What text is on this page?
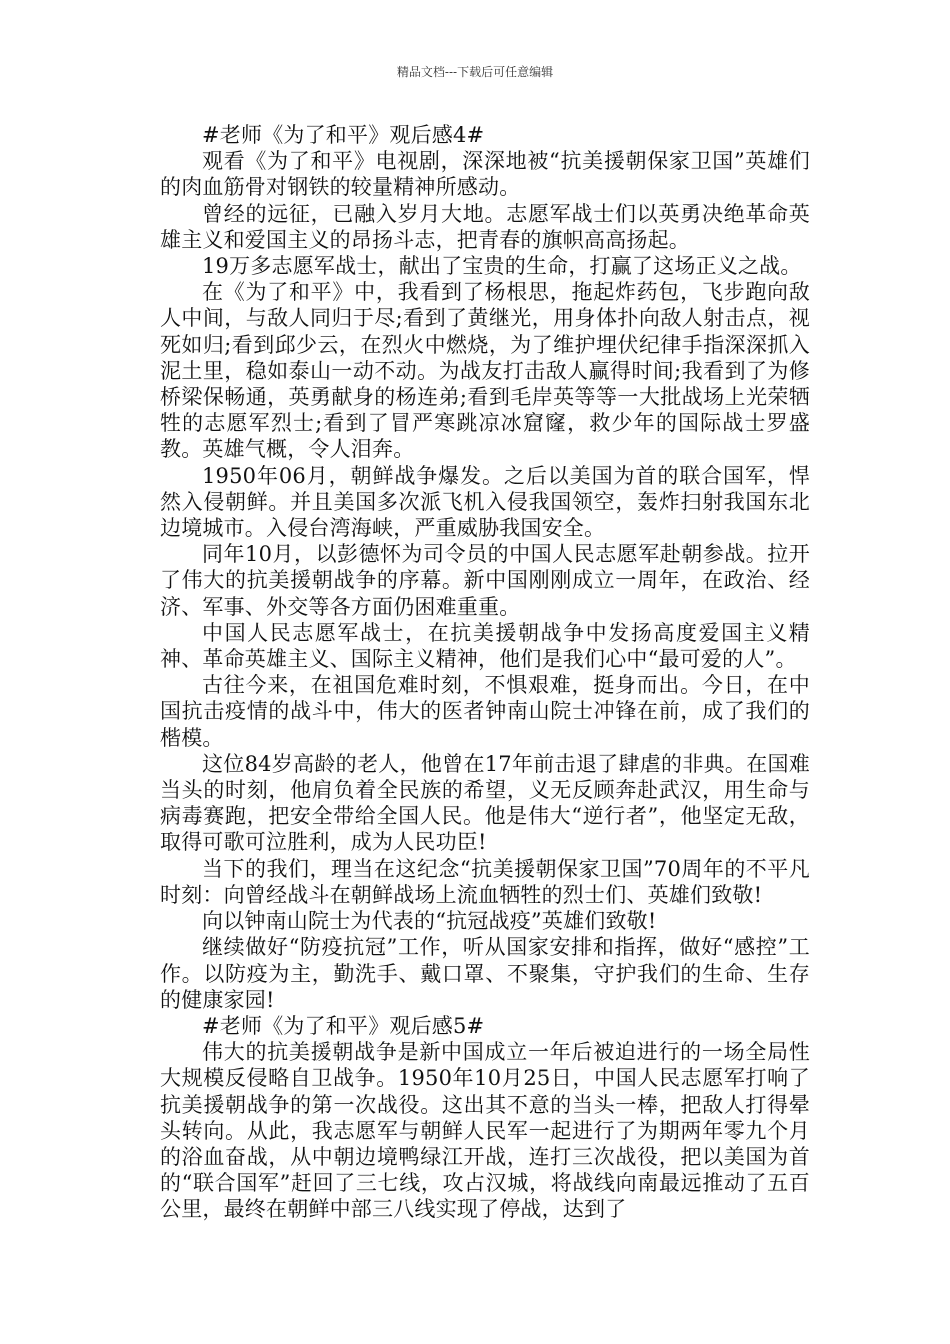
精品文档---下载后可任意编辑

#老师《为了和平》观后感4#

观看《为了和平》电视剧，深深地被“抗美援朝保家卫国”英雄们的肉血筋骨对钢铁的较量精神所感动。

曾经的远征，已融入岁月大地。志愿军战士们以英勇决绝革命英雄主义和爱国主义的昂扬斗志，把青春的旗帜高高扬起。

19万多志愿军战士，献出了宝贵的生命，打赢了这场正义之战。

在《为了和平》中，我看到了杨根思，拖起炸药包，飞步跑向敌人中间，与敌人同归于尽;看到了黄继光，用身体扑向敌人射击点，视死如归;看到邱少云，在烈火中燃烧，为了维护埋伏纪律手指深深抓入泥土里，稳如泰山一动不动。为战友打击敌人赢得时间;我看到了为修桥梁保畅通，英勇献身的杨连弟;看到毛岸英等等一大批战场上光荣牺牲的志愿军烈士;看到了冒严寒跳凉冰窟窿，救少年的国际战士罗盛教。英雄气概，令人泪奔。

1950年06月，朝鲜战争爆发。之后以美国为首的联合国军，悍然入侵朝鲜。并且美国多次派飞机入侵我国领空，轰炸扫射我国东北边境城市。入侵台湾海峡，严重威胁我国安全。

同年10月，以彭德怀为司令员的中国人民志愿军赴朝参战。拉开了伟大的抗美援朝战争的序幕。新中国刚刚成立一周年，在政治、经济、军事、外交等各方面仍困难重重。

中国人民志愿军战士，在抗美援朝战争中发扬高度爱国主义精神、革命英雄主义、国际主义精神，他们是我们心中“最可爱的人”。

古往今来，在祖国危难时刻，不惧艰难，挺身而出。今日，在中国抗击疫情的战斗中，伟大的医者钟南山院士冲锋在前，成了我们的楷模。

这位84岁高龄的老人，他曾在17年前击退了肆虐的非典。在国难当头的时刻，他肩负着全民族的希望，义无反顾奔赴武汉，用生命与病毒赛跑，把安全带给全国人民。他是伟大“逆行者”，他坚定无敌，取得可歌可泣胜利，成为人民功臣!

当下的我们，理当在这纪念“抗美援朝保家卫国”70周年的不平凡时刻：向曾经战斗在朝鲜战场上流血牺牲的烈士们、英雄们致敬!

向以钟南山院士为代表的“抗冠战疫”英雄们致敬!

继续做好“防疫抗冠”工作，听从国家安排和指挥，做好“感控”工作。以防疫为主，勤洗手、戴口罩、不聚集，守护我们的生命、生存的健康家园!

#老师《为了和平》观后感5#

伟大的抗美援朝战争是新中国成立一年后被迫进行的一场全局性大规模反侵略自卫战争。1950年10月25日，中国人民志愿军打响了抗美援朝战争的第一次战役。这出其不意的当头一棒，把敌人打得晕头转向。从此，我志愿军与朝鲜人民军一起进行了为期两年零九个月的浴血奋战，从中朝边境鸭绿江开战，连打三次战役，把以美国为首的“联合国军”赶回了三七线，攻占汉城，将战线向南最远推动了五百公里，最终在朝鲜中部三八线实现了停战，达到了
